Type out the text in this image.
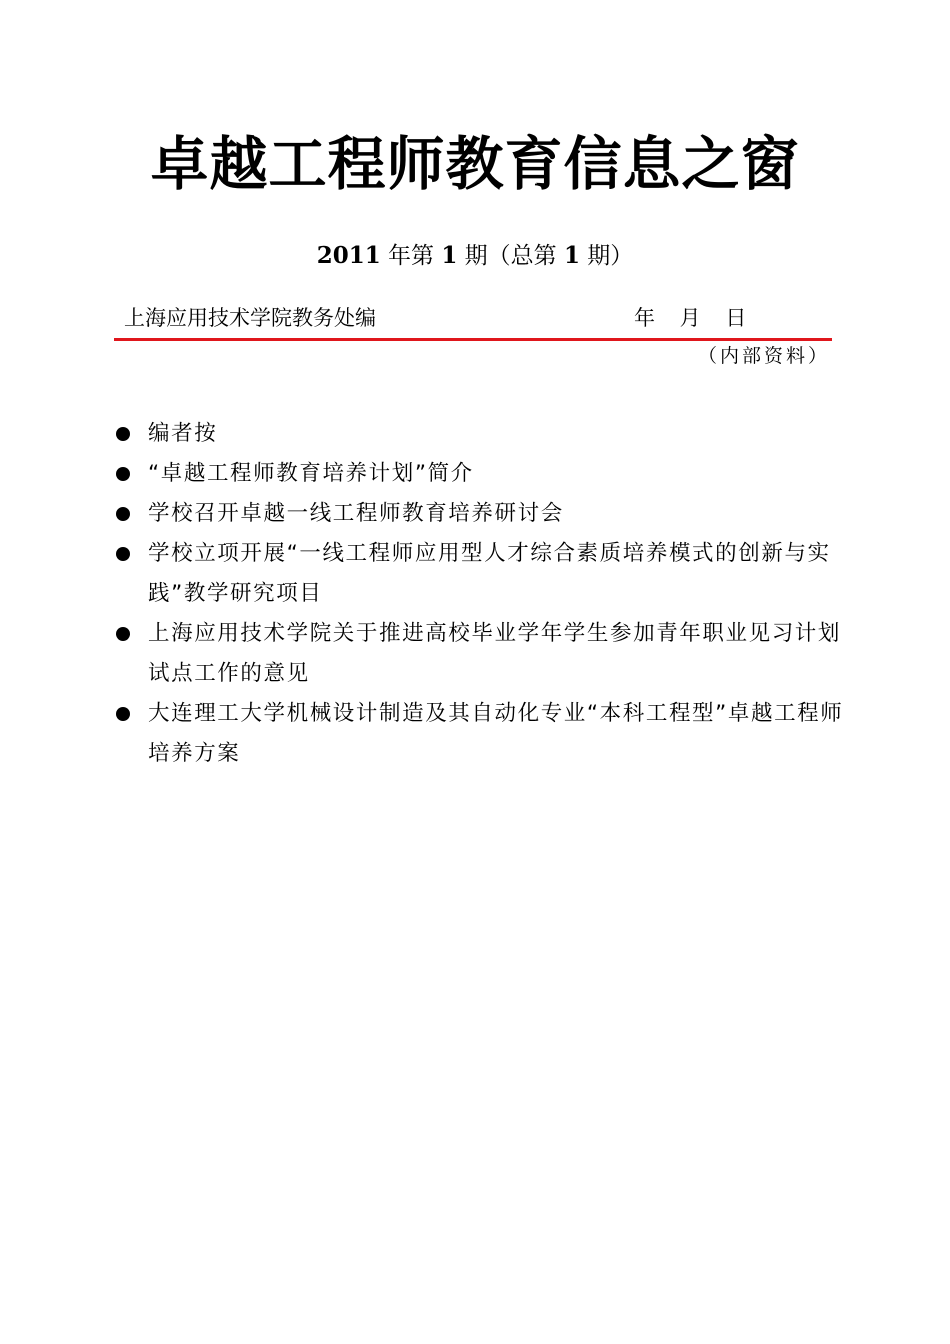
卓越工程师教育信息之窗
2011 年第 1 期（总第 1 期）
上海应用技术学院教务处编	年 月 日
（内部资料）
编者按
“卓越工程师教育培养计划”简介
学校召开卓越一线工程师教育培养研讨会
学校立项开展“一线工程师应用型人才综合素质培养模式的创新与实践”教学研究项目
上海应用技术学院关于推进高校毕业学年学生参加青年职业见习计划试点工作的意见
大连理工大学机械设计制造及其自动化专业“本科工程型”卓越工程师培养方案
